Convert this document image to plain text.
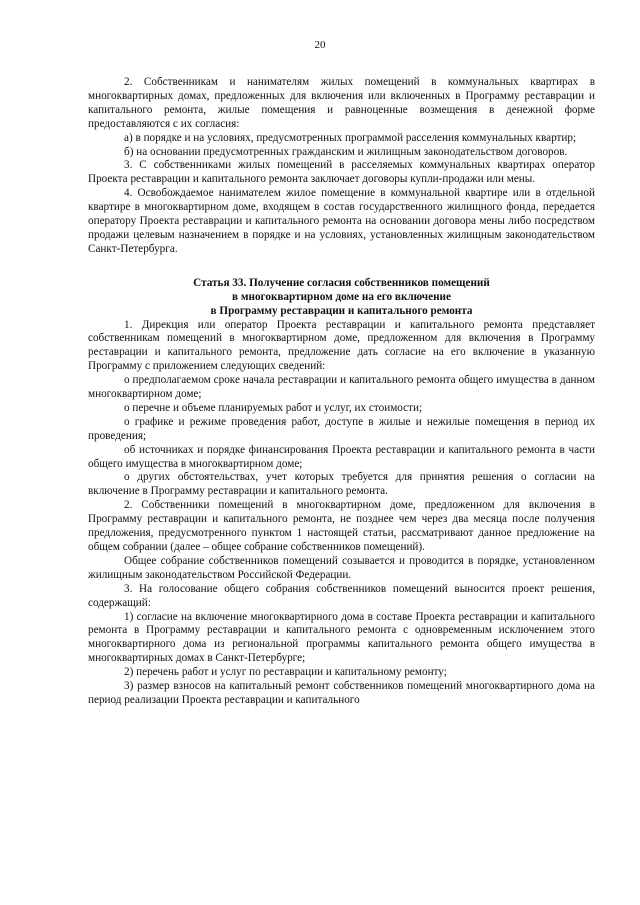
20

2. Собственникам и нанимателям жилых помещений в коммунальных квартирах в многоквартирных домах, предложенных для включения или включенных в Программу реставрации и капитального ремонта, жилые помещения и равноценные возмещения в денежной форме предоставляются с их согласия:

а) в порядке и на условиях, предусмотренных программой расселения коммунальных квартир;

б) на основании предусмотренных гражданским и жилищным законодательством договоров.

3. С собственниками жилых помещений в расселяемых коммунальных квартирах оператор Проекта реставрации и капитального ремонта заключает договоры купли-продажи или мены.

4. Освобождаемое нанимателем жилое помещение в коммунальной квартире или в отдельной квартире в многоквартирном доме, входящем в состав государственного жилищного фонда, передается оператору Проекта реставрации и капитального ремонта на основании договора мены либо посредством продажи целевым назначением в порядке и на условиях, установленных жилищным законодательством Санкт-Петербурга.

Статья 33. Получение согласия собственников помещений
в многоквартирном доме на его включение
в Программу реставрации и капитального ремонта

1. Дирекция или оператор Проекта реставрации и капитального ремонта представляет собственникам помещений в многоквартирном доме, предложенном для включения в Программу реставрации и капитального ремонта, предложение дать согласие на его включение в указанную Программу с приложением следующих сведений:

о предполагаемом сроке начала реставрации и капитального ремонта общего имущества в данном многоквартирном доме;

о перечне и объеме планируемых работ и услуг, их стоимости;

о графике и режиме проведения работ, доступе в жилые и нежилые помещения в период их проведения;

об источниках и порядке финансирования Проекта реставрации и капитального ремонта в части общего имущества в многоквартирном доме;

о других обстоятельствах, учет которых требуется для принятия решения о согласии на включение в Программу реставрации и капитального ремонта.

2. Собственники помещений в многоквартирном доме, предложенном для включения в Программу реставрации и капитального ремонта, не позднее чем через два месяца после получения предложения, предусмотренного пунктом 1 настоящей статьи, рассматривают данное предложение на общем собрании (далее – общее собрание собственников помещений).

Общее собрание собственников помещений созывается и проводится в порядке, установленном жилищным законодательством Российской Федерации.

3. На голосование общего собрания собственников помещений выносится проект решения, содержащий:

1) согласие на включение многоквартирного дома в составе Проекта реставрации и капитального ремонта в Программу реставрации и капитального ремонта с одновременным исключением этого многоквартирного дома из региональной программы капитального ремонта общего имущества в многоквартирных домах в Санкт-Петербурге;

2) перечень работ и услуг по реставрации и капитальному ремонту;

3) размер взносов на капитальный ремонт собственников помещений многоквартирного дома на период реализации Проекта реставрации и капитального
